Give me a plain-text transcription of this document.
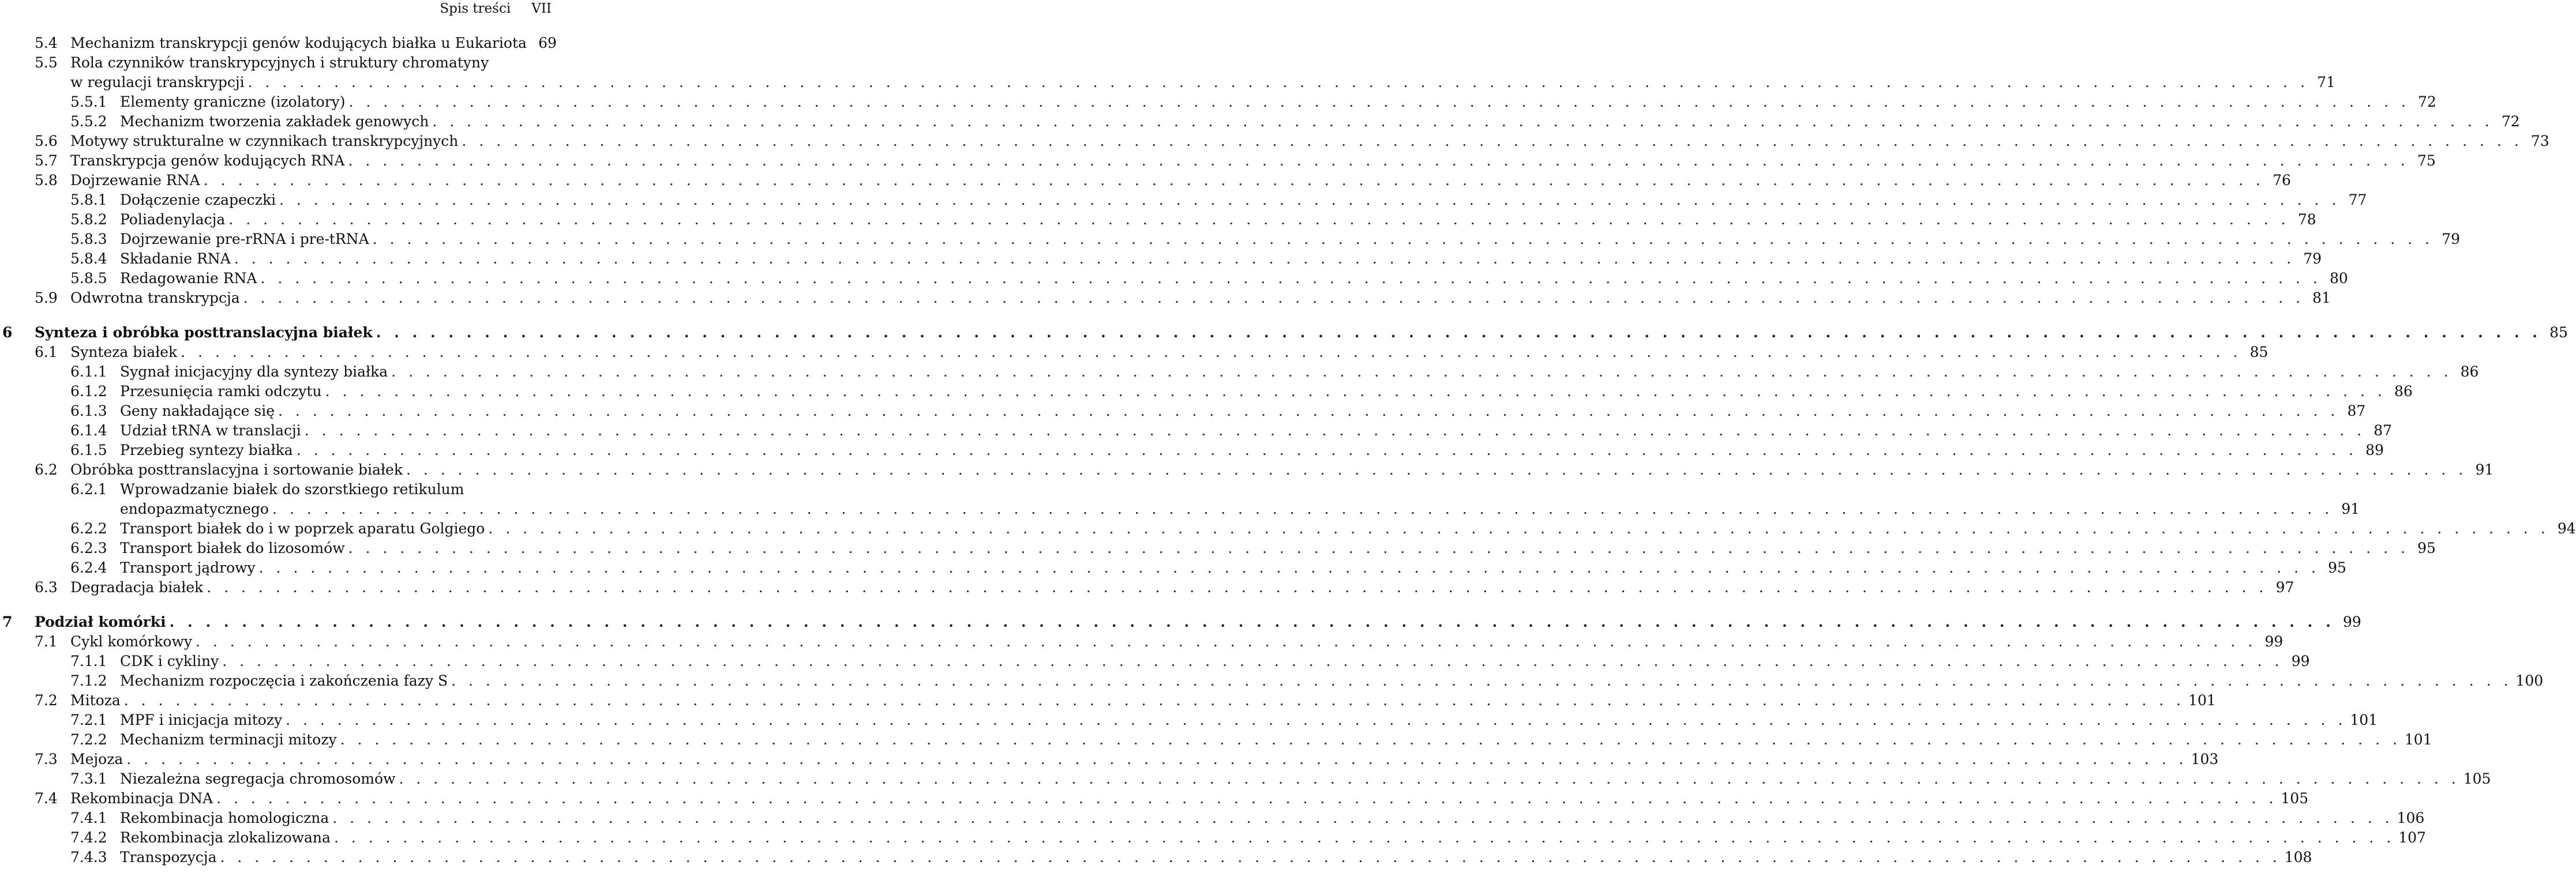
Spis treści VII
5.4 Mechanizm transkrypcji genów kodujących białka u Eukariota 69
5.5 Rola czynników transkrypcyjnych i struktury chromatyny
w regulacji transkrypcji . . . . . . . . . . . . . . . . . . . . . . . . . . . . . . . . . . . . . . . . . . . . . . . . . . . . . . . . . . . . . . . . . . . . . . . . . . . . . . . . . . . . . . . . . . . . . . . . . . . . . . . . . . . . . . . . . . . . . . . . 71
5.5.1 Elementy graniczne (izolatory) . . . . . . . . . . . . . . . . . . . . . . . . . . . . . . . . . . . . . . . . . . . . . . . . . . . . . . . . . . . . . . . . . . . . . . . . . . . . . . . . . . . . . . . . . . . . . . . . . . . . . . . . . . . . . . . . . . . . . . . . 72
5.5.2 Mechanizm tworzenia zakładek genowych . . . . . . . . . . . . . . . . . . . . . . . . . . . . . . . . . . . . . . . . . . . . . . . . . . . . . . . . . . . . . . . . . . . . . . . . . . . . . . . . . . . . . . . . . . . . . . . . . . . . . . . . . . . . . . . . . . . . . . . . 72
5.6 Motywy strukturalne w czynnikach transkrypcyjnych . . . . . . . . . . . . . . . . . . . . . . . . . . . . . . . . . . . . . . . . . . . . . . . . . . . . . . . . . . . . . . . . . . . . . . . . . . . . . . . . . . . . . . . . . . . . . . . . . . . . . . . . . . . . . . . . . . . . . . . . 73
5.7 Transkrypcja genów kodujących RNA . . . . . . . . . . . . . . . . . . . . . . . . . . . . . . . . . . . . . . . . . . . . . . . . . . . . . . . . . . . . . . . . . . . . . . . . . . . . . . . . . . . . . . . . . . . . . . . . . . . . . . . . . . . . . . . . . . . . . . . . 75
5.8 Dojrzewanie RNA . . . . . . . . . . . . . . . . . . . . . . . . . . . . . . . . . . . . . . . . . . . . . . . . . . . . . . . . . . . . . . . . . . . . . . . . . . . . . . . . . . . . . . . . . . . . . . . . . . . . . . . . . . . . . . . . . . . . . . . . 76
5.8.1 Dołączenie czapeczki . . . . . . . . . . . . . . . . . . . . . . . . . . . . . . . . . . . . . . . . . . . . . . . . . . . . . . . . . . . . . . . . . . . . . . . . . . . . . . . . . . . . . . . . . . . . . . . . . . . . . . . . . . . . . . . . . . . . . . . . 77
5.8.2 Poliadenylacja . . . . . . . . . . . . . . . . . . . . . . . . . . . . . . . . . . . . . . . . . . . . . . . . . . . . . . . . . . . . . . . . . . . . . . . . . . . . . . . . . . . . . . . . . . . . . . . . . . . . . . . . . . . . . . . . . . . . . . . . 78
5.8.3 Dojrzewanie pre-rRNA i pre-tRNA . . . . . . . . . . . . . . . . . . . . . . . . . . . . . . . . . . . . . . . . . . . . . . . . . . . . . . . . . . . . . . . . . . . . . . . . . . . . . . . . . . . . . . . . . . . . . . . . . . . . . . . . . . . . . . . . . . . . . . . . 79
5.8.4 Składanie RNA . . . . . . . . . . . . . . . . . . . . . . . . . . . . . . . . . . . . . . . . . . . . . . . . . . . . . . . . . . . . . . . . . . . . . . . . . . . . . . . . . . . . . . . . . . . . . . . . . . . . . . . . . . . . . . . . . . . . . . . . 79
5.8.5 Redagowanie RNA . . . . . . . . . . . . . . . . . . . . . . . . . . . . . . . . . . . . . . . . . . . . . . . . . . . . . . . . . . . . . . . . . . . . . . . . . . . . . . . . . . . . . . . . . . . . . . . . . . . . . . . . . . . . . . . . . . . . . . . . 80
5.9 Odwrotna transkrypcja . . . . . . . . . . . . . . . . . . . . . . . . . . . . . . . . . . . . . . . . . . . . . . . . . . . . . . . . . . . . . . . . . . . . . . . . . . . . . . . . . . . . . . . . . . . . . . . . . . . . . . . . . . . . . . . . . . . . . . . . 81
6 Synteza i obróbka posttranslacyjna białek . . . . . . . . . . . . . . . . . . . . . . . . . . . . . . . . . . . . . . . . . . . . . . . . . . . . . . . . . . . . . . . . . . . . . . . . . . . . . . . . . . . . . . . . . . . . . . . . . . . . . . . . . . . . . . . . . . . . . . . . 85
6.1 Synteza białek . . . . . . . . . . . . . . . . . . . . . . . . . . . . . . . . . . . . . . . . . . . . . . . . . . . . . . . . . . . . . . . . . . . . . . . . . . . . . . . . . . . . . . . . . . . . . . . . . . . . . . . . . . . . . . . . . . . . . . . . 85
6.1.1 Sygnał inicjacyjny dla syntezy białka . . . . . . . . . . . . . . . . . . . . . . . . . . . . . . . . . . . . . . . . . . . . . . . . . . . . . . . . . . . . . . . . . . . . . . . . . . . . . . . . . . . . . . . . . . . . . . . . . . . . . . . . . . . . . . . . . . . . . . . . 86
6.1.2 Przesunięcia ramki odczytu . . . . . . . . . . . . . . . . . . . . . . . . . . . . . . . . . . . . . . . . . . . . . . . . . . . . . . . . . . . . . . . . . . . . . . . . . . . . . . . . . . . . . . . . . . . . . . . . . . . . . . . . . . . . . . . . . . . . . . . . 86
6.1.3 Geny nakładające się . . . . . . . . . . . . . . . . . . . . . . . . . . . . . . . . . . . . . . . . . . . . . . . . . . . . . . . . . . . . . . . . . . . . . . . . . . . . . . . . . . . . . . . . . . . . . . . . . . . . . . . . . . . . . . . . . . . . . . . . 87
6.1.4 Udział tRNA w translacji . . . . . . . . . . . . . . . . . . . . . . . . . . . . . . . . . . . . . . . . . . . . . . . . . . . . . . . . . . . . . . . . . . . . . . . . . . . . . . . . . . . . . . . . . . . . . . . . . . . . . . . . . . . . . . . . . . . . . . . . 87
6.1.5 Przebieg syntezy białka . . . . . . . . . . . . . . . . . . . . . . . . . . . . . . . . . . . . . . . . . . . . . . . . . . . . . . . . . . . . . . . . . . . . . . . . . . . . . . . . . . . . . . . . . . . . . . . . . . . . . . . . . . . . . . . . . . . . . . . . 89
6.2 Obróbka posttranslacyjna i sortowanie białek . . . . . . . . . . . . . . . . . . . . . . . . . . . . . . . . . . . . . . . . . . . . . . . . . . . . . . . . . . . . . . . . . . . . . . . . . . . . . . . . . . . . . . . . . . . . . . . . . . . . . . . . . . . . . . . . . . . . . . . . 91
6.2.1 Wprowadzanie białek do szorstkiego retikulum
endopazmatycznego . . . . . . . . . . . . . . . . . . . . . . . . . . . . . . . . . . . . . . . . . . . . . . . . . . . . . . . . . . . . . . . . . . . . . . . . . . . . . . . . . . . . . . . . . . . . . . . . . . . . . . . . . . . . . . . . . . . . . . . . 91
6.2.2 Transport białek do i w poprzek aparatu Golgiego . . . . . . . . . . . . . . . . . . . . . . . . . . . . . . . . . . . . . . . . . . . . . . . . . . . . . . . . . . . . . . . . . . . . . . . . . . . . . . . . . . . . . . . . . . . . . . . . . . . . . . . . . . . . . . . . . . . . . . . . 94
6.2.3 Transport białek do lizosomów . . . . . . . . . . . . . . . . . . . . . . . . . . . . . . . . . . . . . . . . . . . . . . . . . . . . . . . . . . . . . . . . . . . . . . . . . . . . . . . . . . . . . . . . . . . . . . . . . . . . . . . . . . . . . . . . . . . . . . . . 95
6.2.4 Transport jądrowy . . . . . . . . . . . . . . . . . . . . . . . . . . . . . . . . . . . . . . . . . . . . . . . . . . . . . . . . . . . . . . . . . . . . . . . . . . . . . . . . . . . . . . . . . . . . . . . . . . . . . . . . . . . . . . . . . . . . . . . . 95
6.3 Degradacja białek . . . . . . . . . . . . . . . . . . . . . . . . . . . . . . . . . . . . . . . . . . . . . . . . . . . . . . . . . . . . . . . . . . . . . . . . . . . . . . . . . . . . . . . . . . . . . . . . . . . . . . . . . . . . . . . . . . . . . . . . 97
7 Podział komórki . . . . . . . . . . . . . . . . . . . . . . . . . . . . . . . . . . . . . . . . . . . . . . . . . . . . . . . . . . . . . . . . . . . . . . . . . . . . . . . . . . . . . . . . . . . . . . . . . . . . . . . . . . . . . . . . . . . . . . . . 99
7.1 Cykl komórkowy . . . . . . . . . . . . . . . . . . . . . . . . . . . . . . . . . . . . . . . . . . . . . . . . . . . . . . . . . . . . . . . . . . . . . . . . . . . . . . . . . . . . . . . . . . . . . . . . . . . . . . . . . . . . . . . . . . . . . . . . 99
7.1.1 CDK i cykliny . . . . . . . . . . . . . . . . . . . . . . . . . . . . . . . . . . . . . . . . . . . . . . . . . . . . . . . . . . . . . . . . . . . . . . . . . . . . . . . . . . . . . . . . . . . . . . . . . . . . . . . . . . . . . . . . . . . . . . . . 99
7.1.2 Mechanizm rozpoczęcia i zakończenia fazy S . . . . . . . . . . . . . . . . . . . . . . . . . . . . . . . . . . . . . . . . . . . . . . . . . . . . . . . . . . . . . . . . . . . . . . . . . . . . . . . . . . . . . . . . . . . . . . . . . . . . . . . . . . . . . . . . . . . . . . . . 100
7.2 Mitoza . . . . . . . . . . . . . . . . . . . . . . . . . . . . . . . . . . . . . . . . . . . . . . . . . . . . . . . . . . . . . . . . . . . . . . . . . . . . . . . . . . . . . . . . . . . . . . . . . . . . . . . . . . . . . . . . . . . . . . . . 101
7.2.1 MPF i inicjacja mitozy . . . . . . . . . . . . . . . . . . . . . . . . . . . . . . . . . . . . . . . . . . . . . . . . . . . . . . . . . . . . . . . . . . . . . . . . . . . . . . . . . . . . . . . . . . . . . . . . . . . . . . . . . . . . . . . . . . . . . . . . 101
7.2.2 Mechanizm terminacji mitozy . . . . . . . . . . . . . . . . . . . . . . . . . . . . . . . . . . . . . . . . . . . . . . . . . . . . . . . . . . . . . . . . . . . . . . . . . . . . . . . . . . . . . . . . . . . . . . . . . . . . . . . . . . . . . . . . . . . . . . . . 101
7.3 Mejoza . . . . . . . . . . . . . . . . . . . . . . . . . . . . . . . . . . . . . . . . . . . . . . . . . . . . . . . . . . . . . . . . . . . . . . . . . . . . . . . . . . . . . . . . . . . . . . . . . . . . . . . . . . . . . . . . . . . . . . . . 103
7.3.1 Niezależna segregacja chromosomów . . . . . . . . . . . . . . . . . . . . . . . . . . . . . . . . . . . . . . . . . . . . . . . . . . . . . . . . . . . . . . . . . . . . . . . . . . . . . . . . . . . . . . . . . . . . . . . . . . . . . . . . . . . . . . . . . . . . . . . . 105
7.4 Rekombinacja DNA . . . . . . . . . . . . . . . . . . . . . . . . . . . . . . . . . . . . . . . . . . . . . . . . . . . . . . . . . . . . . . . . . . . . . . . . . . . . . . . . . . . . . . . . . . . . . . . . . . . . . . . . . . . . . . . . . . . . . . . . 105
7.4.1 Rekombinacja homologiczna . . . . . . . . . . . . . . . . . . . . . . . . . . . . . . . . . . . . . . . . . . . . . . . . . . . . . . . . . . . . . . . . . . . . . . . . . . . . . . . . . . . . . . . . . . . . . . . . . . . . . . . . . . . . . . . . . . . . . . . . 106
7.4.2 Rekombinacja zlokalizowana . . . . . . . . . . . . . . . . . . . . . . . . . . . . . . . . . . . . . . . . . . . . . . . . . . . . . . . . . . . . . . . . . . . . . . . . . . . . . . . . . . . . . . . . . . . . . . . . . . . . . . . . . . . . . . . . . . . . . . . . 107
7.4.3 Transpozycja . . . . . . . . . . . . . . . . . . . . . . . . . . . . . . . . . . . . . . . . . . . . . . . . . . . . . . . . . . . . . . . . . . . . . . . . . . . . . . . . . . . . . . . . . . . . . . . . . . . . . . . . . . . . . . . . . . . . . . . . 108
